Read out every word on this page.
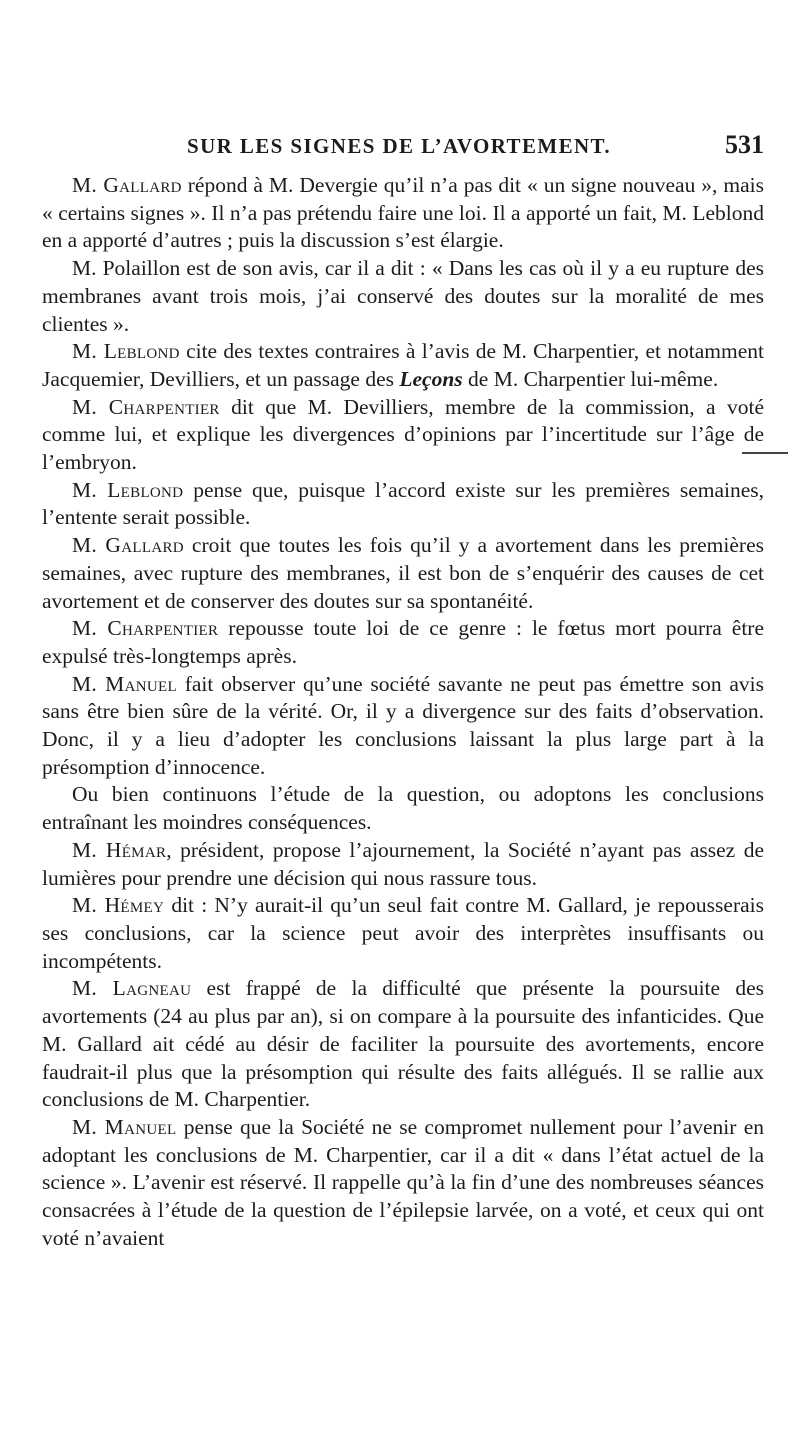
SUR LES SIGNES DE L’AVORTEMENT.	531

M. Gallard répond à M. Devergie qu’il n’a pas dit « un signe nouveau », mais « certains signes ». Il n’a pas prétendu faire une loi. Il a apporté un fait, M. Leblond en a apporté d’autres ; puis la discussion s’est élargie.

M. Polaillon est de son avis, car il a dit : « Dans les cas où il y a eu rupture des membranes avant trois mois, j’ai conservé des doutes sur la moralité de mes clientes ».

M. Leblond cite des textes contraires à l’avis de M. Charpentier, et notamment Jacquemier, Devilliers, et un passage des Leçons de M. Charpentier lui-même.

M. Charpentier dit que M. Devilliers, membre de la commission, a voté comme lui, et explique les divergences d’opinions par l’incertitude sur l’âge de l’embryon.

M. Leblond pense que, puisque l’accord existe sur les premières semaines, l’entente serait possible.

M. Gallard croit que toutes les fois qu’il y a avortement dans les premières semaines, avec rupture des membranes, il est bon de s’enquérir des causes de cet avortement et de conserver des doutes sur sa spontanéité.

M. Charpentier repousse toute loi de ce genre : le fœtus mort pourra être expulsé très-longtemps après.

M. Manuel fait observer qu’une société savante ne peut pas émettre son avis sans être bien sûre de la vérité. Or, il y a divergence sur des faits d’observation. Donc, il y a lieu d’adopter les conclusions laissant la plus large part à la présomption d’innocence.

Ou bien continuons l’étude de la question, ou adoptons les conclusions entraînant les moindres conséquences.

M. Hémar, président, propose l’ajournement, la Société n’ayant pas assez de lumières pour prendre une décision qui nous rassure tous.

M. Hémey dit : N’y aurait-il qu’un seul fait contre M. Gallard, je repousserais ses conclusions, car la science peut avoir des interprètes insuffisants ou incompétents.

M. Lagneau est frappé de la difficulté que présente la poursuite des avortements (24 au plus par an), si on compare à la poursuite des infanticides. Que M. Gallard ait cédé au désir de faciliter la poursuite des avortements, encore faudrait-il plus que la présomption qui résulte des faits allégués. Il se rallie aux conclusions de M. Charpentier.

M. Manuel pense que la Société ne se compromet nullement pour l’avenir en adoptant les conclusions de M. Charpentier, car il a dit « dans l’état actuel de la science ». L’avenir est réservé. Il rappelle qu’à la fin d’une des nombreuses séances consacrées à l’étude de la question de l’épilepsie larvée, on a voté, et ceux qui ont voté n’avaient
